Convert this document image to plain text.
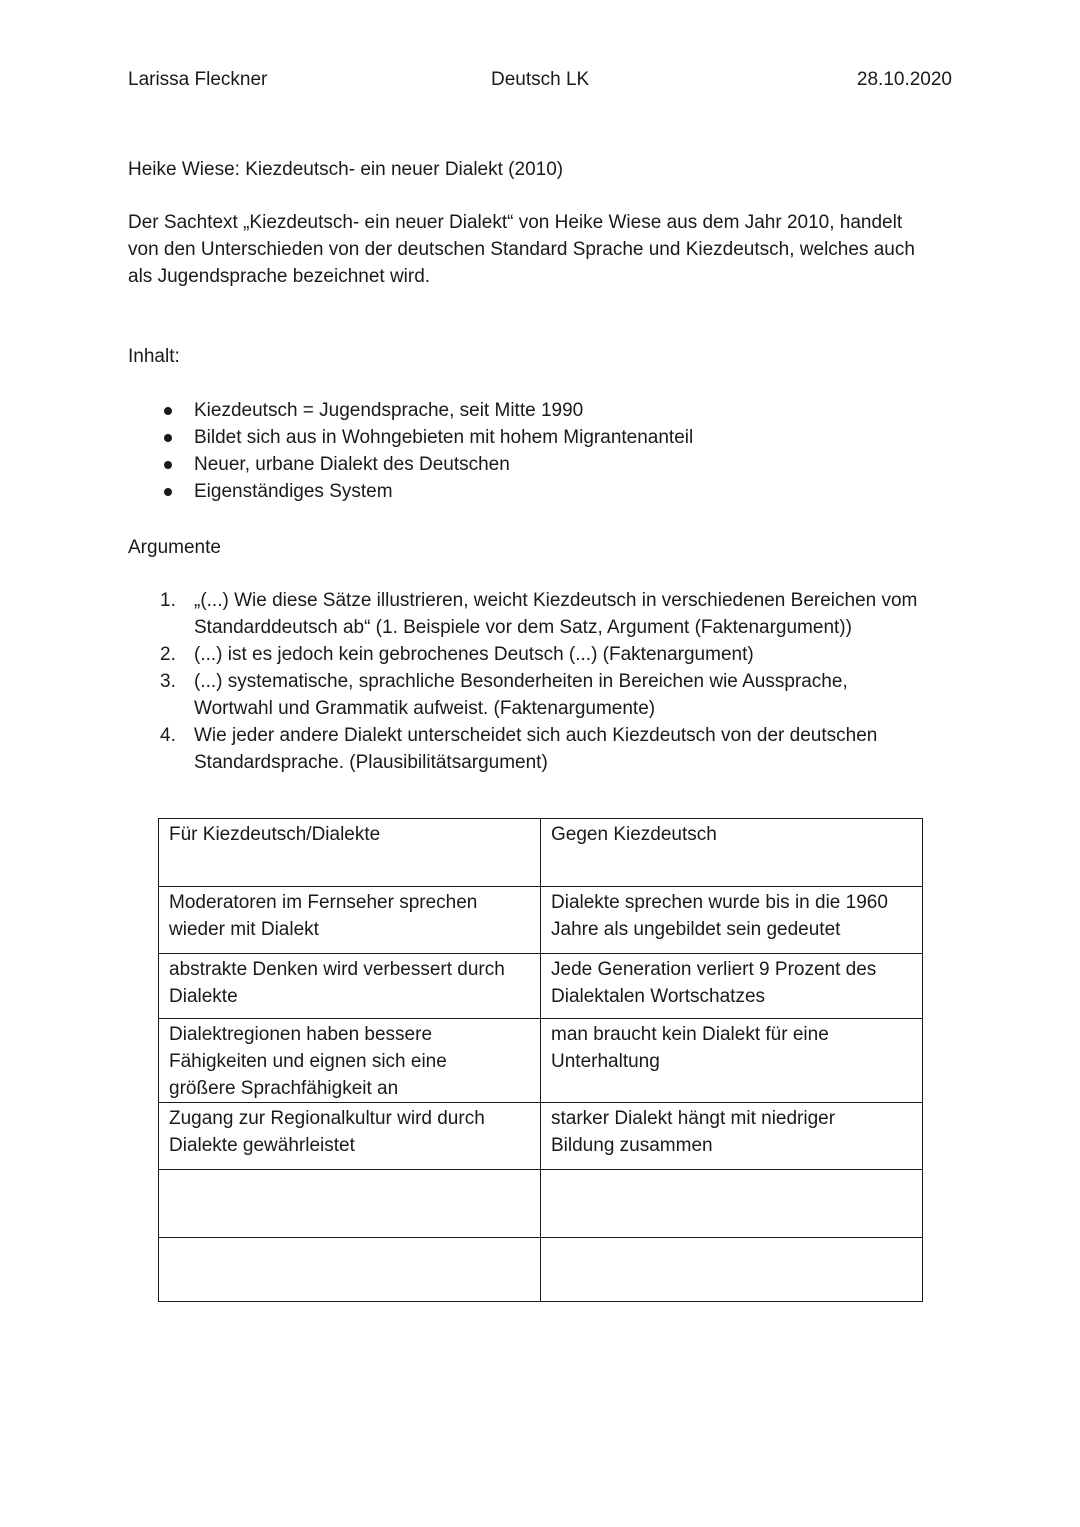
Larissa Fleckner	Deutsch LK	28.10.2020
Heike Wiese: Kiezdeutsch- ein neuer Dialekt (2010)

Der Sachtext „Kiezdeutsch- ein neuer Dialekt“ von Heike Wiese aus dem Jahr 2010, handelt

von den Unterschieden von der deutschen Standard Sprache und Kiezdeutsch, welches auch

als Jugendsprache bezeichnet wird.

Inhalt:
Kiezdeutsch = Jugendsprache, seit Mitte 1990
Bildet sich aus in Wohngebieten mit hohem Migrantenanteil
Neuer, urbane Dialekt des Deutschen
Eigenständiges System
Argumente
1. „(...) Wie diese Sätze illustrieren, weicht Kiezdeutsch in verschiedenen Bereichen vom
Standarddeutsch ab“ (1. Beispiele vor dem Satz, Argument (Faktenargument))
2. (...) ist es jedoch kein gebrochenes Deutsch (...) (Faktenargument)
3. (...) systematische, sprachliche Besonderheiten in Bereichen wie Aussprache,
Wortwahl und Grammatik aufweist. (Faktenargumente)
4. Wie jeder andere Dialekt unterscheidet sich auch Kiezdeutsch von der deutschen
Standardsprache. (Plausibilitätsargument)
Für Kiezdeutsch/Dialekte	Gegen Kiezdeutsch

Moderatoren im Fernseher sprechen
wieder mit Dialekt	Dialekte sprechen wurde bis in die 1960
Jahre als ungebildet sein gedeutet

abstrakte Denken wird verbessert durch
Dialekte	Jede Generation verliert 9 Prozent des
Dialektalen Wortschatzes

Dialektregionen haben bessere
Fähigkeiten und eignen sich eine
größere Sprachfähigkeit an	man braucht kein Dialekt für eine
Unterhaltung

Zugang zur Regionalkultur wird durch
Dialekte gewährleistet	starker Dialekt hängt mit niedriger
Bildung zusammen
